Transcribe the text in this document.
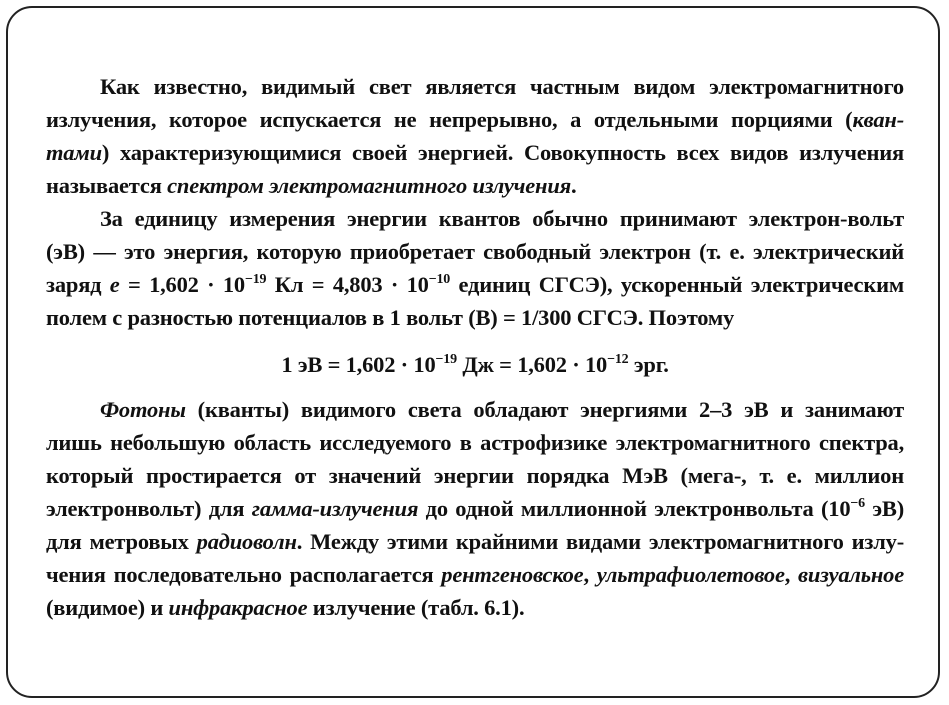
Как известно, видимый свет является частным видом электромагнитного
излучения, которое испускается не непрерывно, а отдельными порциями (кван-
тами) характеризующимися своей энергией. Совокупность всех видов излучения
называется спектром электромагнитного излучения.
За единицу измерения энергии квантов обычно принимают электрон-вольт
(эВ) — это энергия, которую приобретает свободный электрон (т. е. электрический
заряд $e = 1,602 \cdot 10^{-19}$ Кл = $4,803 \cdot 10^{-10}$ единиц СГСЭ), ускоренный электрическим
полем с разностью потенциалов в 1 вольт (В) = 1/300 СГСЭ. Поэтому
1 эВ = $1,602 \cdot 10^{-19}$ Дж = $1,602 \cdot 10^{-12}$ эрг.
Фотоны (кванты) видимого света обладают энергиями 2–3 эВ и занимают
лишь небольшую область исследуемого в астрофизике электромагнитного спектра,
который простирается от значений энергии порядка МэВ (мега-, т. е. миллион
электронвольт) для гамма-излучения до одной миллионной электронвольта ($10^{-6}$ эВ)
для метровых радиоволн. Между этими крайними видами электромагнитного излу-
чения последовательно располагается рентгеновское, ультрафиолетовое, визуальное
(видимое) и инфракрасное излучение (табл. 6.1).
